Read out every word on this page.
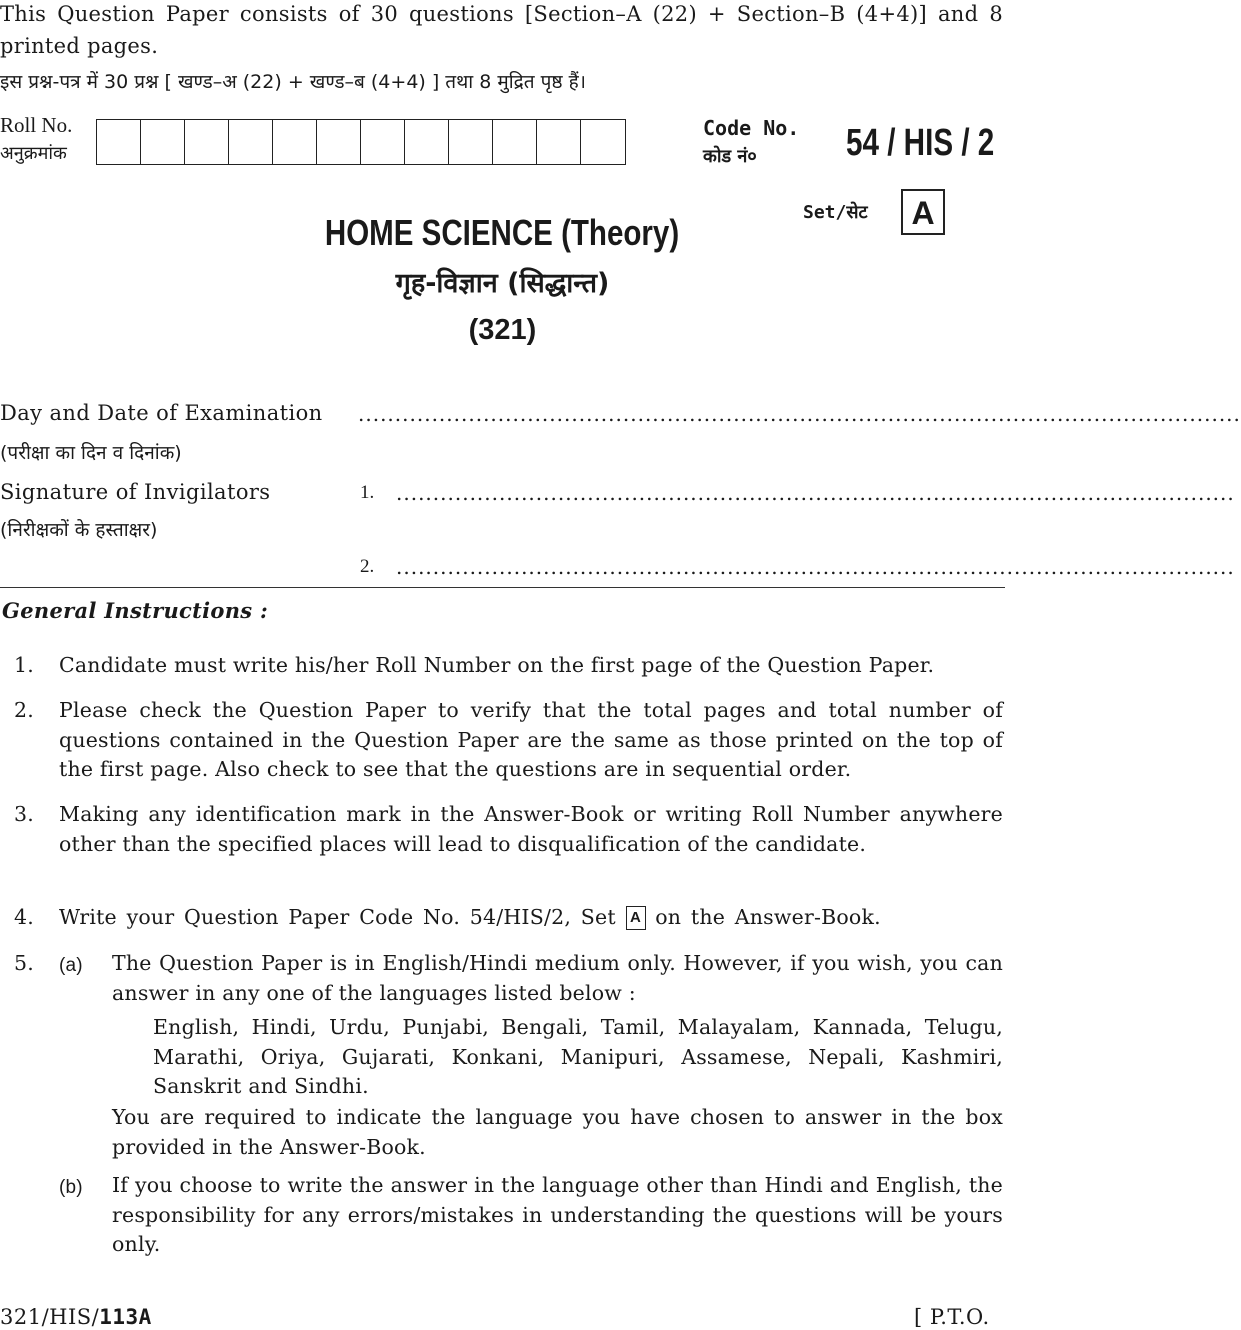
This Question Paper consists of 30 questions [Section–A (22) + Section–B (4+4)] and 8 printed pages.
इस प्रश्न-पत्र में 30 प्रश्न [ खण्ड–अ (22) + खण्ड–ब (4+4) ] तथा 8 मुद्रित पृष्ठ हैं।
Roll No.
अनुक्रमांक
Code No.
कोड नं० 54 / HIS / 2
Set/सेट	A
HOME SCIENCE (Theory)
गृह-विज्ञान (सिद्धान्त)
(321)
Day and Date of Examination
(परीक्षा का दिन व दिनांक)
........................................................................................................................
Signature of Invigilators
(निरीक्षकों के हस्ताक्षर)
1. ..................................................................................................................
2. ..................................................................................................................
General Instructions :
1. Candidate must write his/her Roll Number on the first page of the Question Paper.
2. Please check the Question Paper to verify that the total pages and total number of questions contained in the Question Paper are the same as those printed on the top of the first page. Also check to see that the questions are in sequential order.
3. Making any identification mark in the Answer-Book or writing Roll Number anywhere other than the specified places will lead to disqualification of the candidate.
4. Write your Question Paper Code No. 54/HIS/2, Set A on the Answer-Book.
5. (a) The Question Paper is in English/Hindi medium only. However, if you wish, you can answer in any one of the languages listed below :
English, Hindi, Urdu, Punjabi, Bengali, Tamil, Malayalam, Kannada, Telugu, Marathi, Oriya, Gujarati, Konkani, Manipuri, Assamese, Nepali, Kashmiri, Sanskrit and Sindhi.
You are required to indicate the language you have chosen to answer in the box provided in the Answer-Book.
(b) If you choose to write the answer in the language other than Hindi and English, the responsibility for any errors/mistakes in understanding the questions will be yours only.
321/HIS/113A	[ P.T.O.
